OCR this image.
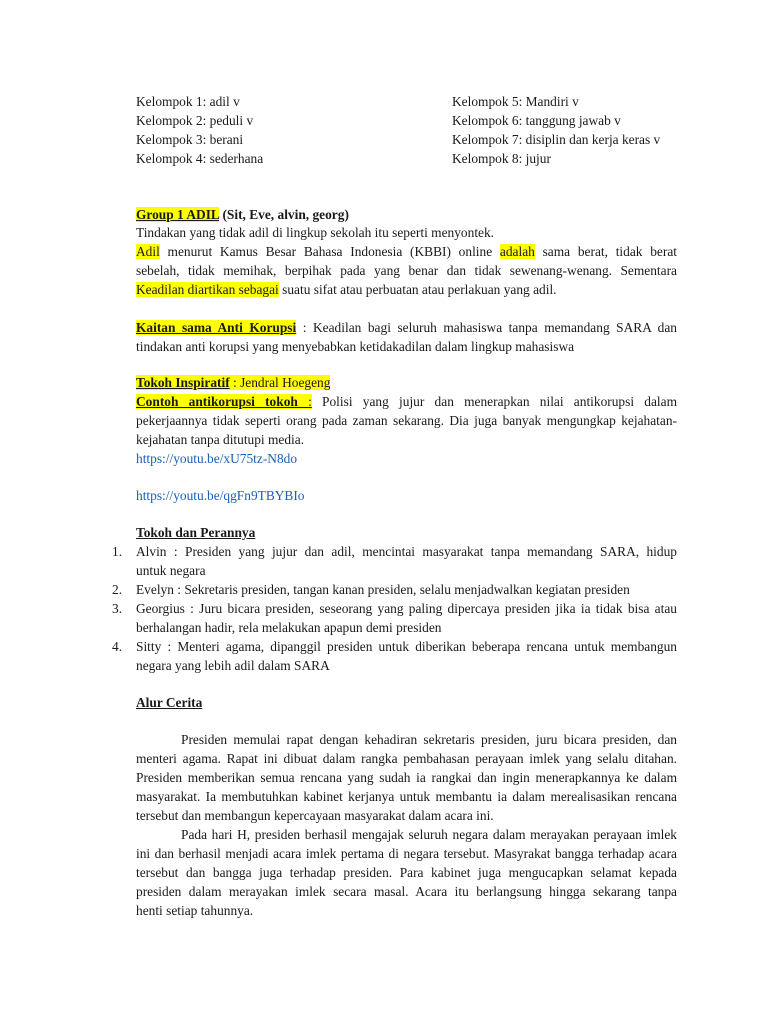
Kelompok 1: adil v
Kelompok 2: peduli v
Kelompok 3: berani
Kelompok 4: sederhana
Kelompok 5: Mandiri v
Kelompok 6: tanggung jawab v
Kelompok 7: disiplin dan kerja keras v
Kelompok 8: jujur
Group 1 ADIL (Sit, Eve, alvin, georg)
Tindakan yang tidak adil di lingkup sekolah itu seperti menyontek.
Adil menurut Kamus Besar Bahasa Indonesia (KBBI) online adalah sama berat, tidak berat
sebelah, tidak memihak, berpihak pada yang benar dan tidak sewenang-wenang. Sementara
Keadilan diartikan sebagai suatu sifat atau perbuatan atau perlakuan yang adil.
Kaitan sama Anti Korupsi : Keadilan bagi seluruh mahasiswa tanpa memandang SARA dan
tindakan anti korupsi yang menyebabkan ketidakadilan dalam lingkup mahasiswa
Tokoh Inspiratif : Jendral Hoegeng
Contoh antikorupsi tokoh : Polisi yang jujur dan menerapkan nilai antikorupsi dalam
pekerjaannya tidak seperti orang pada zaman sekarang. Dia juga banyak mengungkap kejahatan-
kejahatan tanpa ditutupi media.
https://youtu.be/xU75tz-N8do
https://youtu.be/qgFn9TBYBIo
Tokoh dan Perannya
1. Alvin : Presiden yang jujur dan adil, mencintai masyarakat tanpa memandang SARA, hidup
untuk negara
2. Evelyn : Sekretaris presiden, tangan kanan presiden, selalu menjadwalkan kegiatan presiden
3. Georgius : Juru bicara presiden, seseorang yang paling dipercaya presiden jika ia tidak bisa atau
berhalangan hadir, rela melakukan apapun demi presiden
4. Sitty : Menteri agama, dipanggil presiden untuk diberikan beberapa rencana untuk membangun
negara yang lebih adil dalam SARA
Alur Cerita
Presiden memulai rapat dengan kehadiran sekretaris presiden, juru bicara presiden, dan
menteri agama. Rapat ini dibuat dalam rangka pembahasan perayaan imlek yang selalu ditahan.
Presiden memberikan semua rencana yang sudah ia rangkai dan ingin menerapkannya ke dalam
masyarakat. Ia membutuhkan kabinet kerjanya untuk membantu ia dalam merealisasikan rencana
tersebut dan membangun kepercayaan masyarakat dalam acara ini.
Pada hari H, presiden berhasil mengajak seluruh negara dalam merayakan perayaan imlek
ini dan berhasil menjadi acara imlek pertama di negara tersebut. Masyrakat bangga terhadap acara
tersebut dan bangga juga terhadap presiden. Para kabinet juga mengucapkan selamat kepada
presiden dalam merayakan imlek secara masal. Acara itu berlangsung hingga sekarang tanpa
henti setiap tahunnya.
